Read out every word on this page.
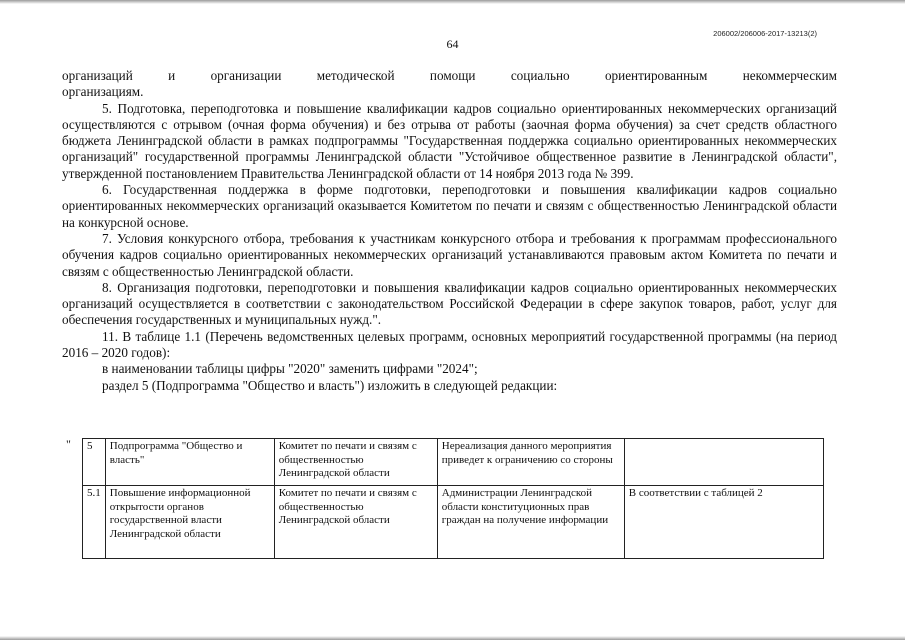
206002/206006-2017-13213(2)
64

организаций и организации методической помощи социально ориентированным некоммерческим

организациям.

5. Подготовка, переподготовка и повышение квалификации кадров социально ориентированных некоммерческих организаций осуществляются с отрывом (очная форма обучения) и без отрыва от работы (заочная форма обучения) за счет средств областного бюджета Ленинградской области в рамках подпрограммы "Государственная поддержка социально ориентированных некоммерческих организаций" государственной программы Ленинградской области "Устойчивое общественное развитие в Ленинградской области", утвержденной постановлением Правительства Ленинградской области от 14 ноября 2013 года № 399.

6. Государственная поддержка в форме подготовки, переподготовки и повышения квалификации кадров социально ориентированных некоммерческих организаций оказывается Комитетом по печати и связям с общественностью Ленинградской области на конкурсной основе.

7. Условия конкурсного отбора, требования к участникам конкурсного отбора и требования к программам профессионального обучения кадров социально ориентированных некоммерческих организаций устанавливаются правовым актом Комитета по печати и связям с общественностью Ленинградской области.

8. Организация подготовки, переподготовки и повышения квалификации кадров социально ориентированных некоммерческих организаций осуществляется в соответствии с законодательством Российской Федерации в сфере закупок товаров, работ, услуг для обеспечения государственных и муниципальных нужд.".

11. В таблице 1.1 (Перечень ведомственных целевых программ, основных мероприятий государственной программы (на период 2016 – 2020 годов):

в наименовании таблицы цифры "2020" заменить цифрами "2024";

раздел 5 (Подпрограмма "Общество и власть") изложить в следующей редакции:

" 5	Подпрограмма "Общество и власть"	Комитет по печати и связям с общественностью Ленинградской области	Нереализация данного мероприятия приведет к ограничению со стороны	
5.1	Повышение информационной открытости органов государственной власти Ленинградской области	Комитет по печати и связям с общественностью Ленинградской области	Администрации Ленинградской области конституционных прав граждан на получение информации	В соответствии с таблицей 2
